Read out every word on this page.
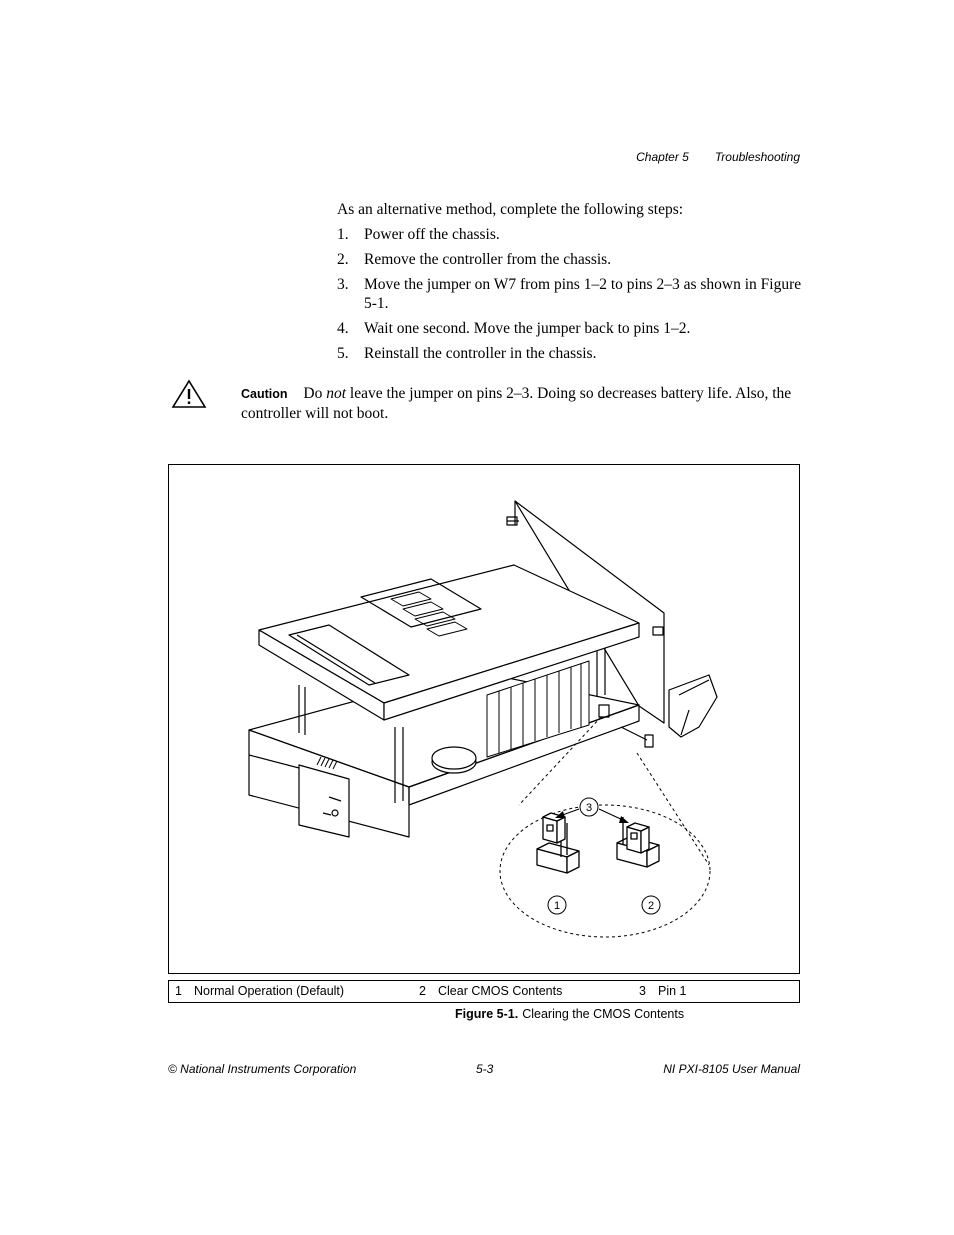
Chapter 5 Troubleshooting

As an alternative method, complete the following steps:

1. Power off the chassis.
2. Remove the controller from the chassis.
3. Move the jumper on W7 from pins 1–2 to pins 2–3 as shown in Figure 5-1.
4. Wait one second. Move the jumper back to pins 1–2.
5. Reinstall the controller in the chassis.
Caution Do not leave the jumper on pins 2–3. Doing so decreases battery life. Also, the controller will not boot.
3
1	2
1 Normal Operation (Default)	2 Clear CMOS Contents	3 Pin 1
Figure 5-1. Clearing the CMOS Contents
© National Instruments Corporation	5-3	NI PXI-8105 User Manual
